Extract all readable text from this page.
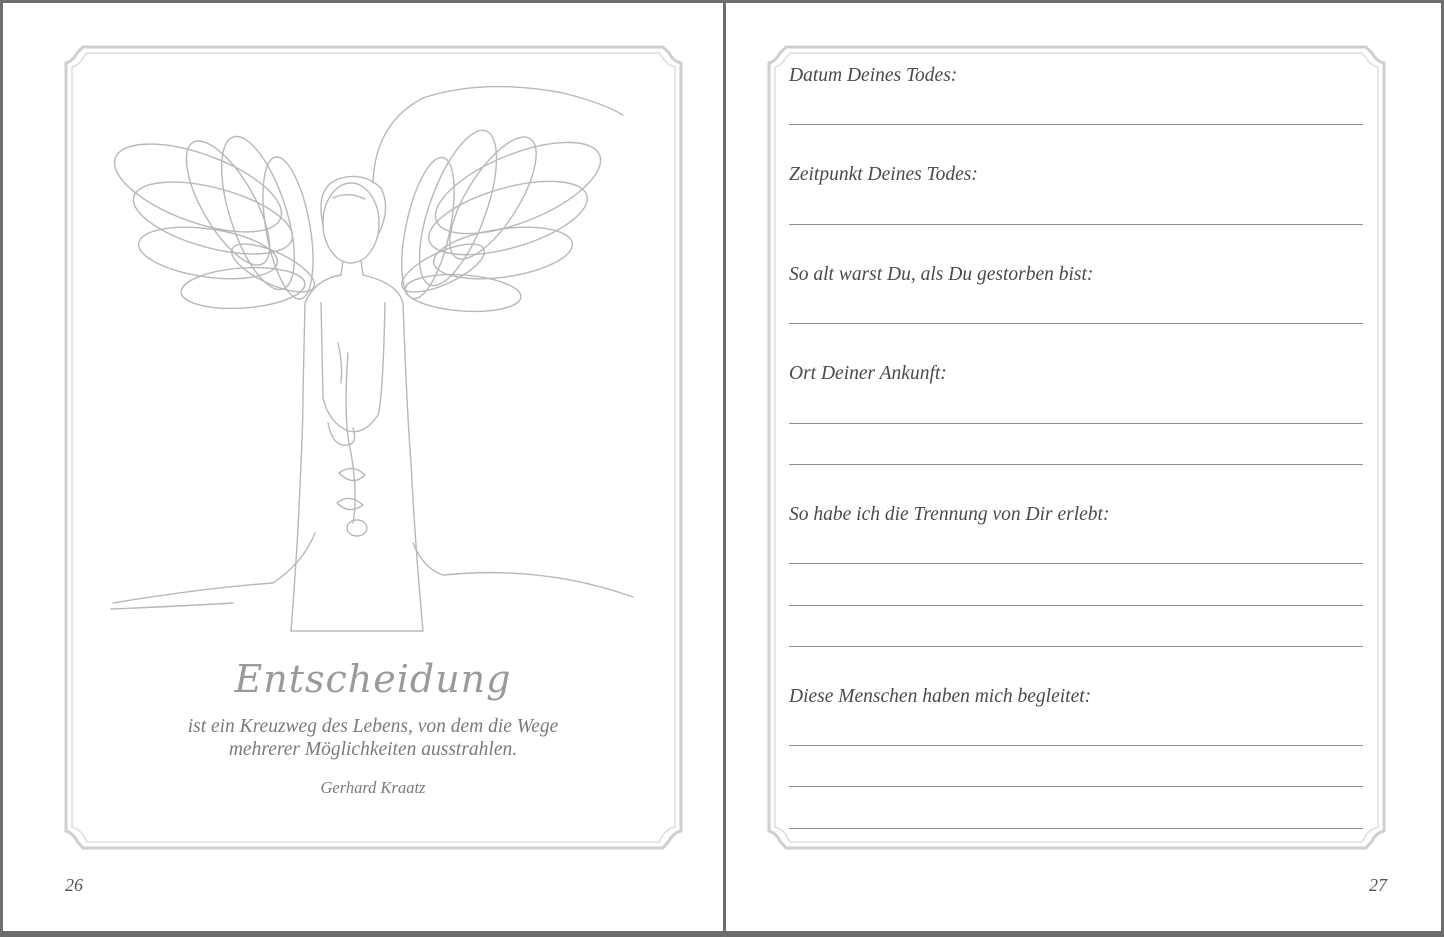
Entscheidung
ist ein Kreuzweg des Lebens, von dem die Wege
mehrerer Möglichkeiten ausstrahlen.
Gerhard Kraatz
26
Datum Deines Todes:
Zeitpunkt Deines Todes:
So alt warst Du, als Du gestorben bist:
Ort Deiner Ankunft:
So habe ich die Trennung von Dir erlebt:
Diese Menschen haben mich begleitet:
27
